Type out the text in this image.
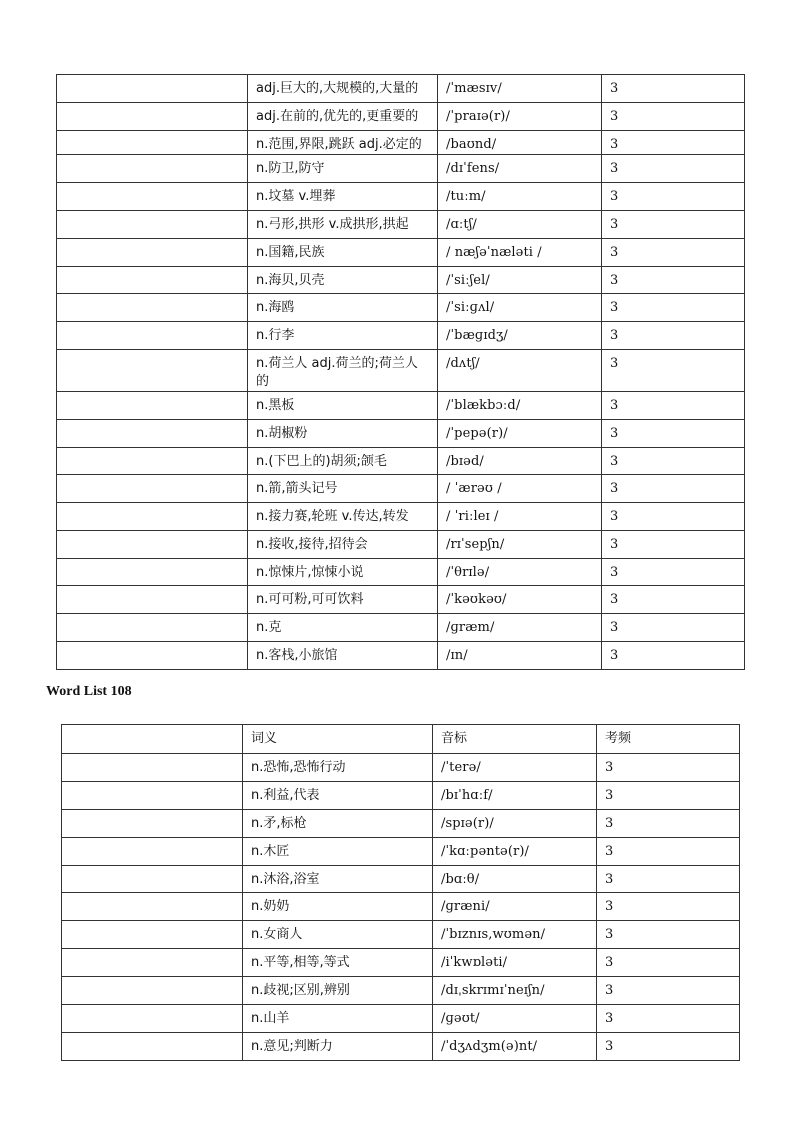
	adj.巨大的,大规模的,大量的	/ˈmæsɪv/	3
	adj.在前的,优先的,更重要的	/ˈpraɪə(r)/	3
	n.范围,界限,跳跃 adj.必定的	/baʊnd/	3
	n.防卫,防守	/dɪˈfens/	3
	n.坟墓 v.埋葬	/tuːm/	3
	n.弓形,拱形 v.成拱形,拱起	/ɑːtʃ/	3
	n.国籍,民族	/ næʃəˈnæləti /	3
	n.海贝,贝壳	/ˈsiːʃel/	3
	n.海鸥	/ˈsiːɡʌl/	3
	n.行李	/ˈbæɡɪdʒ/	3
	n.荷兰人 adj.荷兰的;荷兰人的	/dʌtʃ/	3
	n.黑板	/ˈblækbɔːd/	3
	n.胡椒粉	/ˈpepə(r)/	3
	n.(下巴上的)胡须;颌毛	/bɪəd/	3
	n.箭,箭头记号	/ ˈærəʊ /	3
	n.接力赛,轮班 v.传达,转发	/ ˈriːleɪ /	3
	n.接收,接待,招待会	/rɪˈsepʃn/	3
	n.惊悚片,惊悚小说	/ˈθrɪlə/	3
	n.可可粉,可可饮料	/ˈkəʊkəʊ/	3
	n.克	/ɡræm/	3
	n.客栈,小旅馆	/ɪn/	3
Word List 108
	词义	音标	考频
	n.恐怖,恐怖行动	/ˈterə/	3
	n.利益,代表	/bɪˈhɑːf/	3
	n.矛,标枪	/spɪə(r)/	3
	n.木匠	/ˈkɑːpəntə(r)/	3
	n.沐浴,浴室	/bɑːθ/	3
	n.奶奶	/ɡræni/	3
	n.女商人	/ˈbɪznɪs,wʊmən/	3
	n.平等,相等,等式	/iˈkwɒləti/	3
	n.歧视;区别,辨别	/dɪˌskrɪmɪˈneɪʃn/	3
	n.山羊	/ɡəʊt/	3
	n.意见;判断力	/ˈdʒʌdʒm(ə)nt/	3
